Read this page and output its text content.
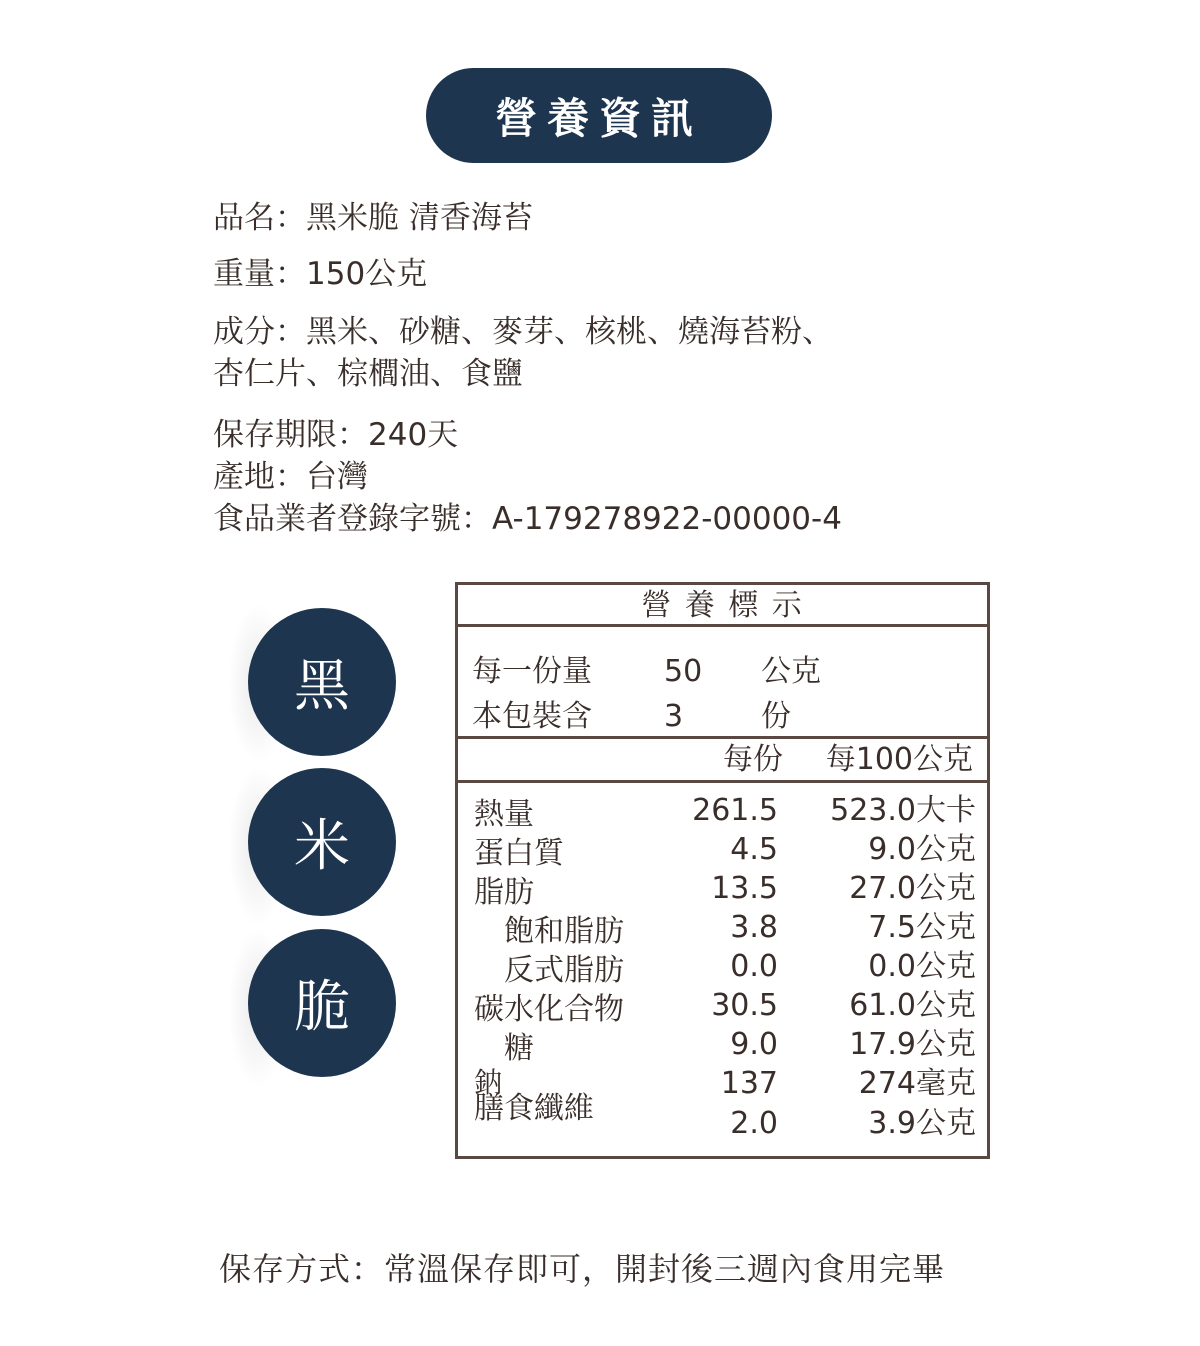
營養資訊
品名：黑米脆 清香海苔
重量：150公克
成分：黑米、砂糖、麥芽、核桃、燒海苔粉、
杏仁片、棕櫚油、食鹽
保存期限：240天
產地：台灣
食品業者登錄字號：A-179278922-00000-4
黑
米
脆
營 養 標 示
每一份量 50 公克
本包裝含 3	份
每份	每100公克
熱量	261.5	523.0大卡
蛋白質	4.5	9.0公克
脂肪	13.5	27.0公克
飽和脂肪	3.8	7.5公克
反式脂肪	0.0	0.0公克
碳水化合物	30.5	61.0公克
糖	9.0	17.9公克
鈉	137	274毫克
膳食纖維	2.0	3.9公克
保存方式：常溫保存即可，開封後三週內食用完畢
